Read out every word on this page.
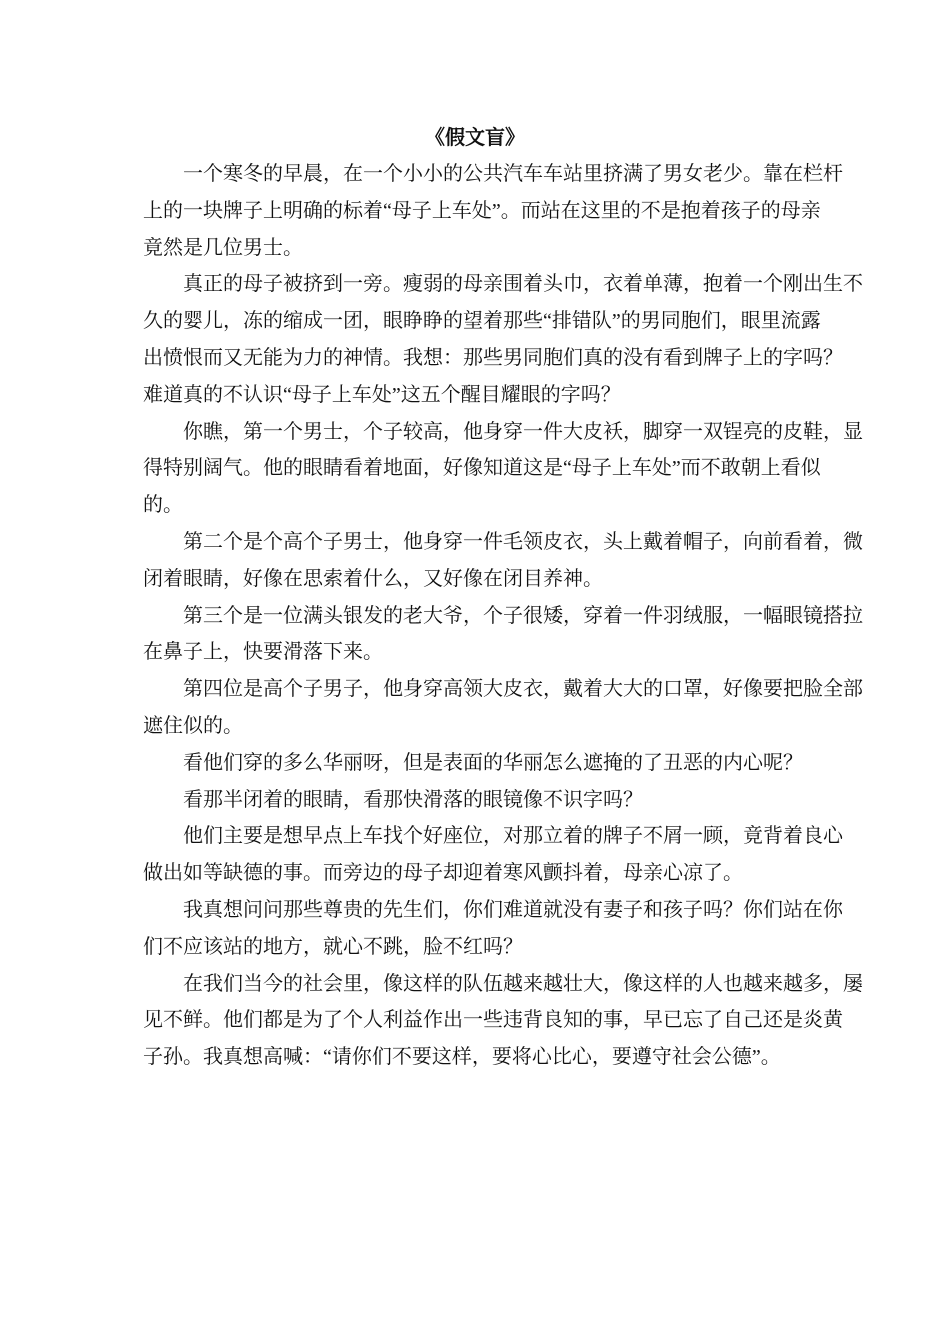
《假文盲》
一个寒冬的早晨，在一个小小的公共汽车车站里挤满了男女老少。靠在栏杆
上的一块牌子上明确的标着“母子上车处”。而站在这里的不是抱着孩子的母亲
竟然是几位男士。
真正的母子被挤到一旁。瘦弱的母亲围着头巾，衣着单薄，抱着一个刚出生不
久的婴儿，冻的缩成一团，眼睁睁的望着那些“排错队”的男同胞们，眼里流露
出愤恨而又无能为力的神情。我想：那些男同胞们真的没有看到牌子上的字吗？
难道真的不认识“母子上车处”这五个醒目耀眼的字吗？
你瞧，第一个男士，个子较高，他身穿一件大皮袄，脚穿一双锃亮的皮鞋，显
得特别阔气。他的眼睛看着地面，好像知道这是“母子上车处”而不敢朝上看似
的。
第二个是个高个子男士，他身穿一件毛领皮衣，头上戴着帽子，向前看着，微
闭着眼睛，好像在思索着什么，又好像在闭目养神。
第三个是一位满头银发的老大爷，个子很矮，穿着一件羽绒服，一幅眼镜搭拉
在鼻子上，快要滑落下来。
第四位是高个子男子，他身穿高领大皮衣，戴着大大的口罩，好像要把脸全部
遮住似的。
看他们穿的多么华丽呀，但是表面的华丽怎么遮掩的了丑恶的内心呢？
看那半闭着的眼睛，看那快滑落的眼镜像不识字吗？
他们主要是想早点上车找个好座位，对那立着的牌子不屑一顾，竟背着良心
做出如等缺德的事。而旁边的母子却迎着寒风颤抖着，母亲心凉了。
我真想问问那些尊贵的先生们，你们难道就没有妻子和孩子吗？你们站在你
们不应该站的地方，就心不跳，脸不红吗？
在我们当今的社会里，像这样的队伍越来越壮大，像这样的人也越来越多，屡
见不鲜。他们都是为了个人利益作出一些违背良知的事，早已忘了自己还是炎黄
子孙。我真想高喊：“请你们不要这样，要将心比心，要遵守社会公德”。
